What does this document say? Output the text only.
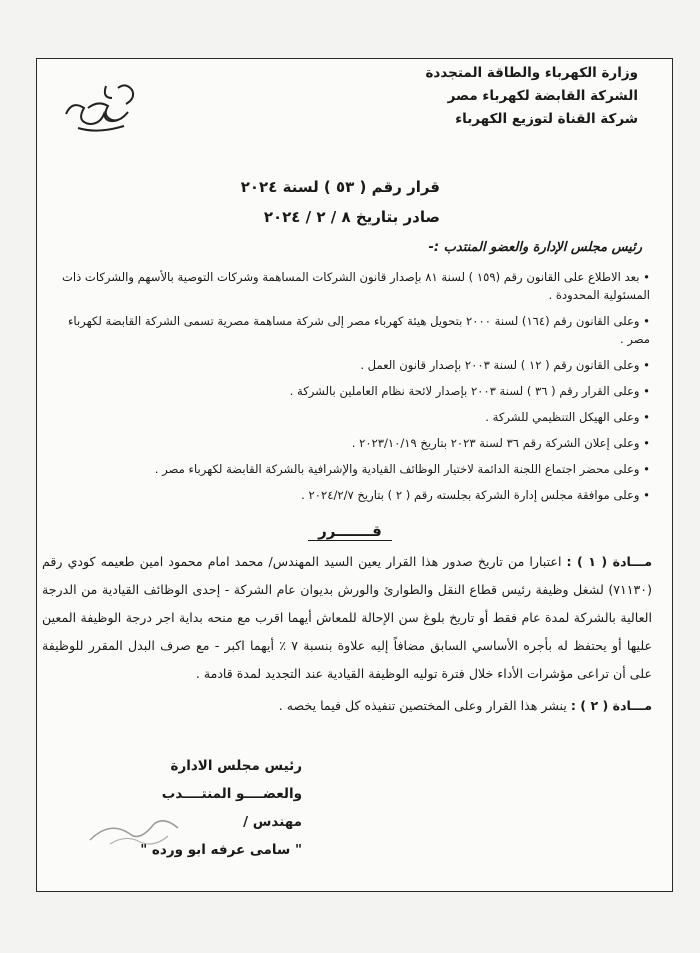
وزارة الكهرباء والطاقة المتجددة
الشركة القابضة لكهرباء مصر
شركة القناة لتوزيع الكهرباء
قرار رقم ( ٥٣ ) لسنة ٢٠٢٤
صادر بتاريخ ٨ / ٢ / ٢٠٢٤
رئيس مجلس الإدارة والعضو المنتدب :-
• بعد الاطلاع على القانون رقم (١٥٩ ) لسنة ٨١ بإصدار قانون الشركات المساهمة وشركات التوصية بالأسهم والشركات ذات المسئولية المحدودة .
• وعلى القانون رقم (١٦٤) لسنة ٢٠٠٠ بتحويل هيئة كهرباء مصر إلى شركة مساهمة مصرية تسمى الشركة القابضة لكهرباء مصر .
• وعلى القانون رقم ( ١٢ ) لسنة ٢٠٠٣ بإصدار قانون العمل .
• وعلى القرار رقم ( ٣٦ ) لسنة ٢٠٠٣ بإصدار لائحة نظام العاملين بالشركة .
• وعلى الهيكل التنظيمي للشركة .
• وعلى إعلان الشركة رقم ٣٦ لسنة ٢٠٢٣ بتاريخ ٢٠٢٣/١٠/١٩ .
• وعلى محضر اجتماع اللجنة الدائمة لاختيار الوظائف القيادية والإشرافية بالشركة القابضة لكهرباء مصر .
• وعلى موافقة مجلس إدارة الشركة بجلسته رقم ( ٢ ) بتاريخ ٢٠٢٤/٢/٧ .
قـــــــرر
مـــادة ( ١ ) : اعتبارا من تاريخ صدور هذا القرار يعين السيد المهندس/ محمد امام محمود امين طعيمه كودي رقم (٧١١٣٠) لشغل وظيفة رئيس قطاع النقل والطوارئ والورش بديوان عام الشركة - إحدى الوظائف القيادية من الدرجة العالية بالشركة لمدة عام فقط أو تاريخ بلوغ سن الإحالة للمعاش أيهما اقرب مع منحه بداية اجر درجة الوظيفة المعين عليها أو يحتفظ له بأجره الأساسي السابق مضافاً إليه علاوة بنسبة ٧ ٪ أيهما اكبر - مع صرف البدل المقرر للوظيفة على أن تراعى مؤشرات الأداء خلال فترة توليه الوظيفة القيادية عند التجديد لمدة قادمة .
مـــادة ( ٢ ) : ينشر هذا القرار وعلى المختصين تنفيذه كل فيما يخصه .
رئيس مجلس الادارة
والعضــــو المنتــــدب
مهندس /
" سامى عرفه ابو ورده "
